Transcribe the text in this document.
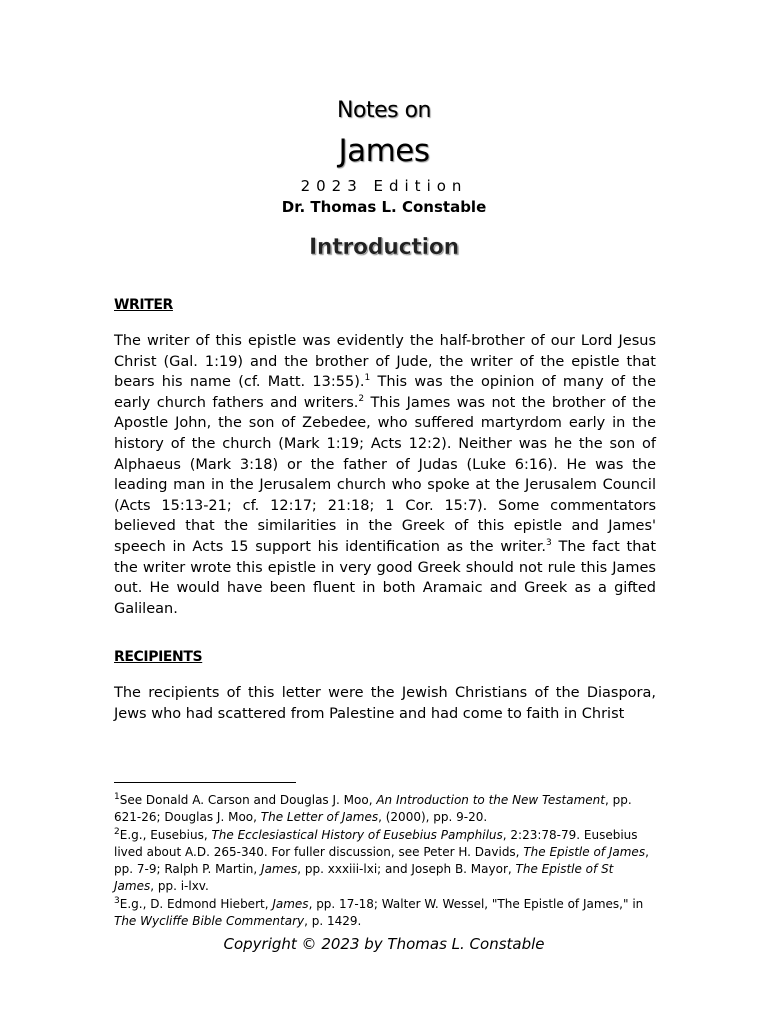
Notes on
James
2023 Edition
Dr. Thomas L. Constable
Introduction
WRITER
The writer of this epistle was evidently the half-brother of our Lord Jesus Christ (Gal. 1:19) and the brother of Jude, the writer of the epistle that bears his name (cf. Matt. 13:55).$^1$ This was the opinion of many of the early church fathers and writers.$^2$ This James was not the brother of the Apostle John, the son of Zebedee, who suffered martyrdom early in the history of the church (Mark 1:19; Acts 12:2). Neither was he the son of Alphaeus (Mark 3:18) or the father of Judas (Luke 6:16). He was the leading man in the Jerusalem church who spoke at the Jerusalem Council (Acts 15:13-21; cf. 12:17; 21:18; 1 Cor. 15:7). Some commentators believed that the similarities in the Greek of this epistle and James' speech in Acts 15 support his identification as the writer.$^3$ The fact that the writer wrote this epistle in very good Greek should not rule this James out. He would have been fluent in both Aramaic and Greek as a gifted Galilean.
RECIPIENTS
The recipients of this letter were the Jewish Christians of the Diaspora, Jews who had scattered from Palestine and had come to faith in Christ

$^1$See Donald A. Carson and Douglas J. Moo, An Introduction to the New Testament, pp. 621-26; Douglas J. Moo, The Letter of James, (2000), pp. 9-20.

$^2$E.g., Eusebius, The Ecclesiastical History of Eusebius Pamphilus, 2:23:78-79. Eusebius lived about A.D. 265-340. For fuller discussion, see Peter H. Davids, The Epistle of James, pp. 7-9; Ralph P. Martin, James, pp. xxxiii-lxi; and Joseph B. Mayor, The Epistle of St James, pp. i-lxv.

$^3$E.g., D. Edmond Hiebert, James, pp. 17-18; Walter W. Wessel, "The Epistle of James," in The Wycliffe Bible Commentary, p. 1429.

Copyright © 2023 by Thomas L. Constable
